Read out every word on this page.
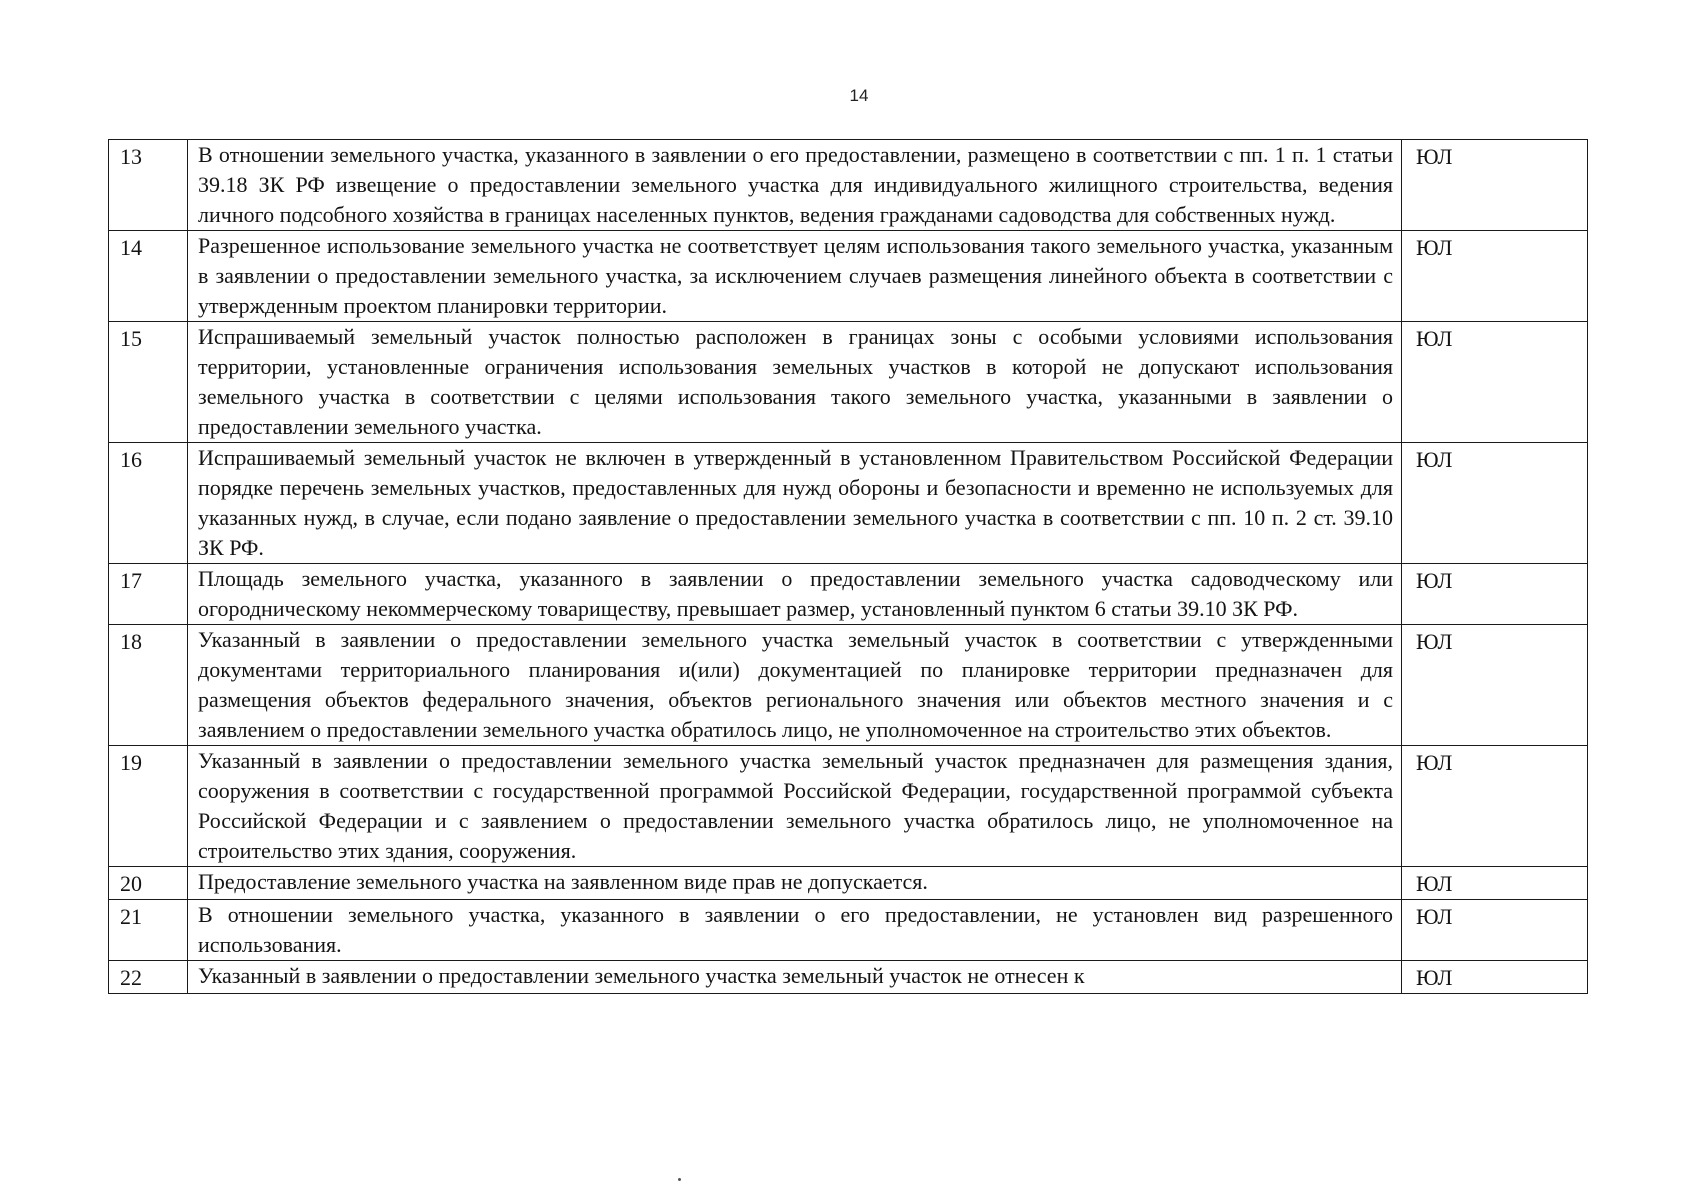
14
13	В отношении земельного участка, указанного в заявлении о его предоставлении, размещено в соответствии с пп. 1 п. 1 статьи 39.18 ЗК РФ извещение о предоставлении земельного участка для индивидуального жилищного строительства, ведения личного подсобного хозяйства в границах населенных пунктов, ведения гражданами садоводства для собственных нужд.	ЮЛ
14	Разрешенное использование земельного участка не соответствует целям использования такого земельного участка, указанным в заявлении о предоставлении земельного участка, за исключением случаев размещения линейного объекта в соответствии с утвержденным проектом планировки территории.	ЮЛ
15	Испрашиваемый земельный участок полностью расположен в границах зоны с особыми условиями использования территории, установленные ограничения использования земельных участков в которой не допускают использования земельного участка в соответствии с целями использования такого земельного участка, указанными в заявлении о предоставлении земельного участка.	ЮЛ
16	Испрашиваемый земельный участок не включен в утвержденный в установленном Правительством Российской Федерации порядке перечень земельных участков, предоставленных для нужд обороны и безопасности и временно не используемых для указанных нужд, в случае, если подано заявление о предоставлении земельного участка в соответствии с пп. 10 п. 2 ст. 39.10 ЗК РФ.	ЮЛ
17	Площадь земельного участка, указанного в заявлении о предоставлении земельного участка садоводческому или огородническому некоммерческому товариществу, превышает размер, установленный пунктом 6 статьи 39.10 ЗК РФ.	ЮЛ
18	Указанный в заявлении о предоставлении земельного участка земельный участок в соответствии с утвержденными документами территориального планирования и(или) документацией по планировке территории предназначен для размещения объектов федерального значения, объектов регионального значения или объектов местного значения и с заявлением о предоставлении земельного участка обратилось лицо, не уполномоченное на строительство этих объектов.	ЮЛ
19	Указанный в заявлении о предоставлении земельного участка земельный участок предназначен для размещения здания, сооружения в соответствии с государственной программой Российской Федерации, государственной программой субъекта Российской Федерации и с заявлением о предоставлении земельного участка обратилось лицо, не уполномоченное на строительство этих здания, сооружения.	ЮЛ
20	Предоставление земельного участка на заявленном виде прав не допускается.	ЮЛ
21	В отношении земельного участка, указанного в заявлении о его предоставлении, не установлен вид разрешенного использования.	ЮЛ
22	Указанный в заявлении о предоставлении земельного участка земельный участок не отнесен к	ЮЛ
